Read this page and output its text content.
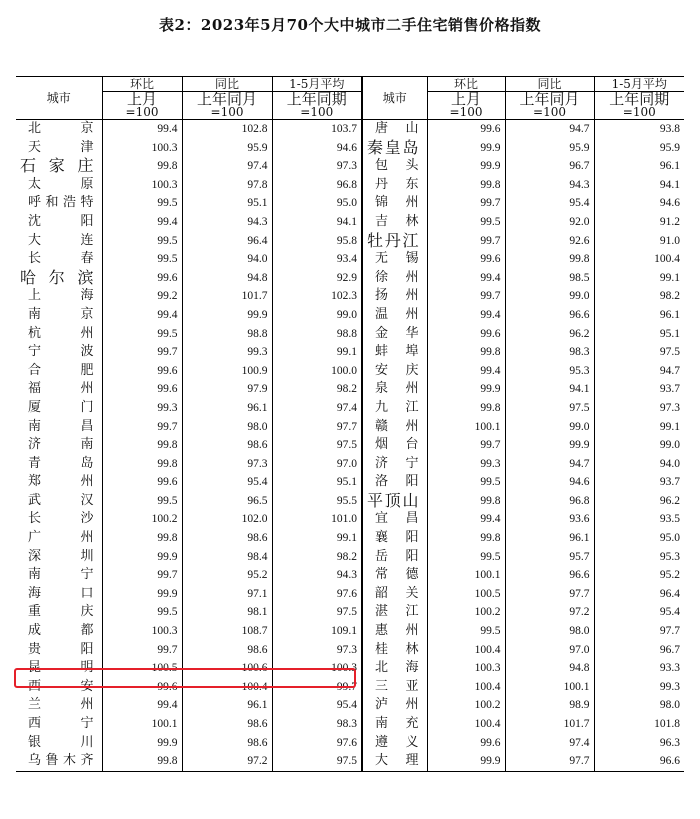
表2：2023年5月70个大中城市二手住宅销售价格指数
城市	环比	同比	1-5月平均	城市	环比	同比	1-5月平均
	上月	上年同月	上年同期		上月	上年同月	上年同期
	=100	=100	=100		=100	=100	=100
北京	99.4	102.8	103.7	唐山	99.6	94.7	93.8
天津	100.3	95.9	94.6	秦皇岛	99.9	95.9	95.9
石家庄	99.8	97.4	97.3	包头	99.9	96.7	96.1
太原	100.3	97.8	96.8	丹东	99.8	94.3	94.1
呼和浩特	99.5	95.1	95.0	锦州	99.7	95.4	94.6
沈阳	99.4	94.3	94.1	吉林	99.5	92.0	91.2
大连	99.5	96.4	95.8	牡丹江	99.7	92.6	91.0
长春	99.5	94.0	93.4	无锡	99.6	99.8	100.4
哈尔滨	99.6	94.8	92.9	徐州	99.4	98.5	99.1
上海	99.2	101.7	102.3	扬州	99.7	99.0	98.2
南京	99.4	99.9	99.0	温州	99.4	96.6	96.1
杭州	99.5	98.8	98.8	金华	99.6	96.2	95.1
宁波	99.7	99.3	99.1	蚌埠	99.8	98.3	97.5
合肥	99.6	100.9	100.0	安庆	99.4	95.3	94.7
福州	99.6	97.9	98.2	泉州	99.9	94.1	93.7
厦门	99.3	96.1	97.4	九江	99.8	97.5	97.3
南昌	99.7	98.0	97.7	赣州	100.1	99.0	99.1
济南	99.8	98.6	97.5	烟台	99.7	99.9	99.0
青岛	99.8	97.3	97.0	济宁	99.3	94.7	94.0
郑州	99.6	95.4	95.1	洛阳	99.5	94.6	93.7
武汉	99.5	96.5	95.5	平顶山	99.8	96.8	96.2
长沙	100.2	102.0	101.0	宜昌	99.4	93.6	93.5
广州	99.8	98.6	99.1	襄阳	99.8	96.1	95.0
深圳	99.9	98.4	98.2	岳阳	99.5	95.7	95.3
南宁	99.7	95.2	94.3	常德	100.1	96.6	95.2
海口	99.9	97.1	97.6	韶关	100.5	97.7	96.4
重庆	99.5	98.1	97.5	湛江	100.2	97.2	95.4
成都	100.3	108.7	109.1	惠州	99.5	98.0	97.7
贵阳	99.7	98.6	97.3	桂林	100.4	97.0	96.7
昆明	100.5	100.6	100.3	北海	100.3	94.8	93.3
西安	99.6	100.4	99.7	三亚	100.4	100.1	99.3
兰州	99.4	96.1	95.4	泸州	100.2	98.9	98.0
西宁	100.1	98.6	98.3	南充	100.4	101.7	101.8
银川	99.9	98.6	97.6	遵义	99.6	97.4	96.3
乌鲁木齐	99.8	97.2	97.5	大理	99.9	97.7	96.6
